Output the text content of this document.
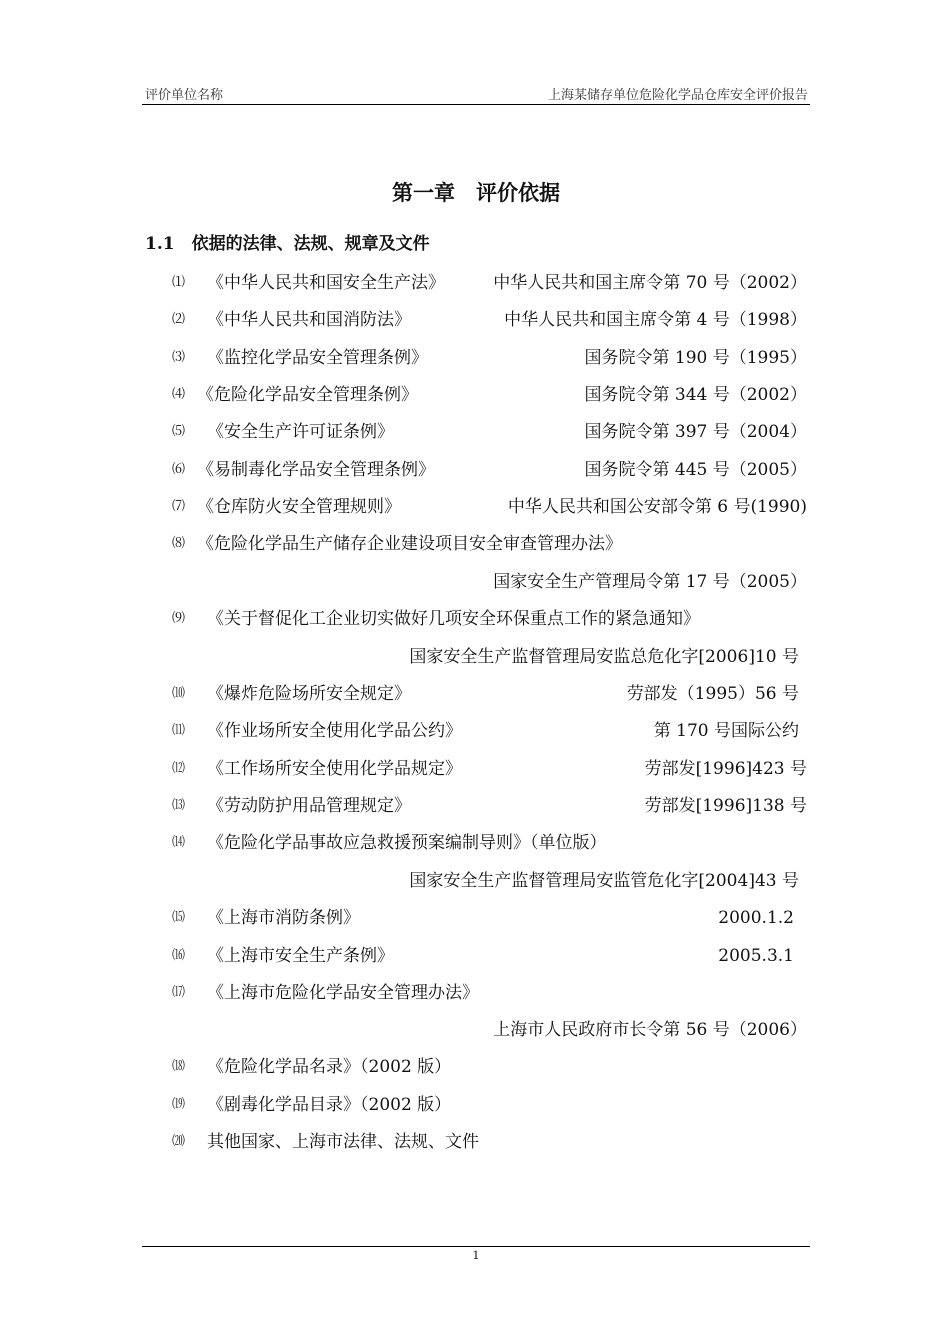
评价单位名称	上海某储存单位危险化学品仓库安全评价报告
第一章　评价依据
1.1　依据的法律、法规、规章及文件
⑴ 《中华人民共和国安全生产法》	中华人民共和国主席令第 70 号（2002）
⑵ 《中华人民共和国消防法》	中华人民共和国主席令第 4 号（1998）
⑶ 《监控化学品安全管理条例》	国务院令第 190 号（1995）
⑷ 《危险化学品安全管理条例》	国务院令第 344 号（2002）
⑸ 《安全生产许可证条例》	国务院令第 397 号（2004）
⑹ 《易制毒化学品安全管理条例》	国务院令第 445 号（2005）
⑺ 《仓库防火安全管理规则》	中华人民共和国公安部令第 6 号(1990)
⑻ 《危险化学品生产储存企业建设项目安全审查管理办法》
国家安全生产管理局令第 17 号（2005）
⑼ 《关于督促化工企业切实做好几项安全环保重点工作的紧急通知》
国家安全生产监督管理局安监总危化字[2006]10 号
⑽ 《爆炸危险场所安全规定》	劳部发（1995）56 号
⑾ 《作业场所安全使用化学品公约》	第 170 号国际公约
⑿ 《工作场所安全使用化学品规定》	劳部发[1996]423 号
⒀ 《劳动防护用品管理规定》	劳部发[1996]138 号
⒁ 《危险化学品事故应急救援预案编制导则》（单位版）
国家安全生产监督管理局安监管危化字[2004]43 号
⒂ 《上海市消防条例》	2000.1.2
⒃ 《上海市安全生产条例》	2005.3.1
⒄ 《上海市危险化学品安全管理办法》
上海市人民政府市长令第 56 号（2006）
⒅ 《危险化学品名录》（2002 版）
⒆ 《剧毒化学品目录》（2002 版）
⒇ 其他国家、上海市法律、法规、文件
1
